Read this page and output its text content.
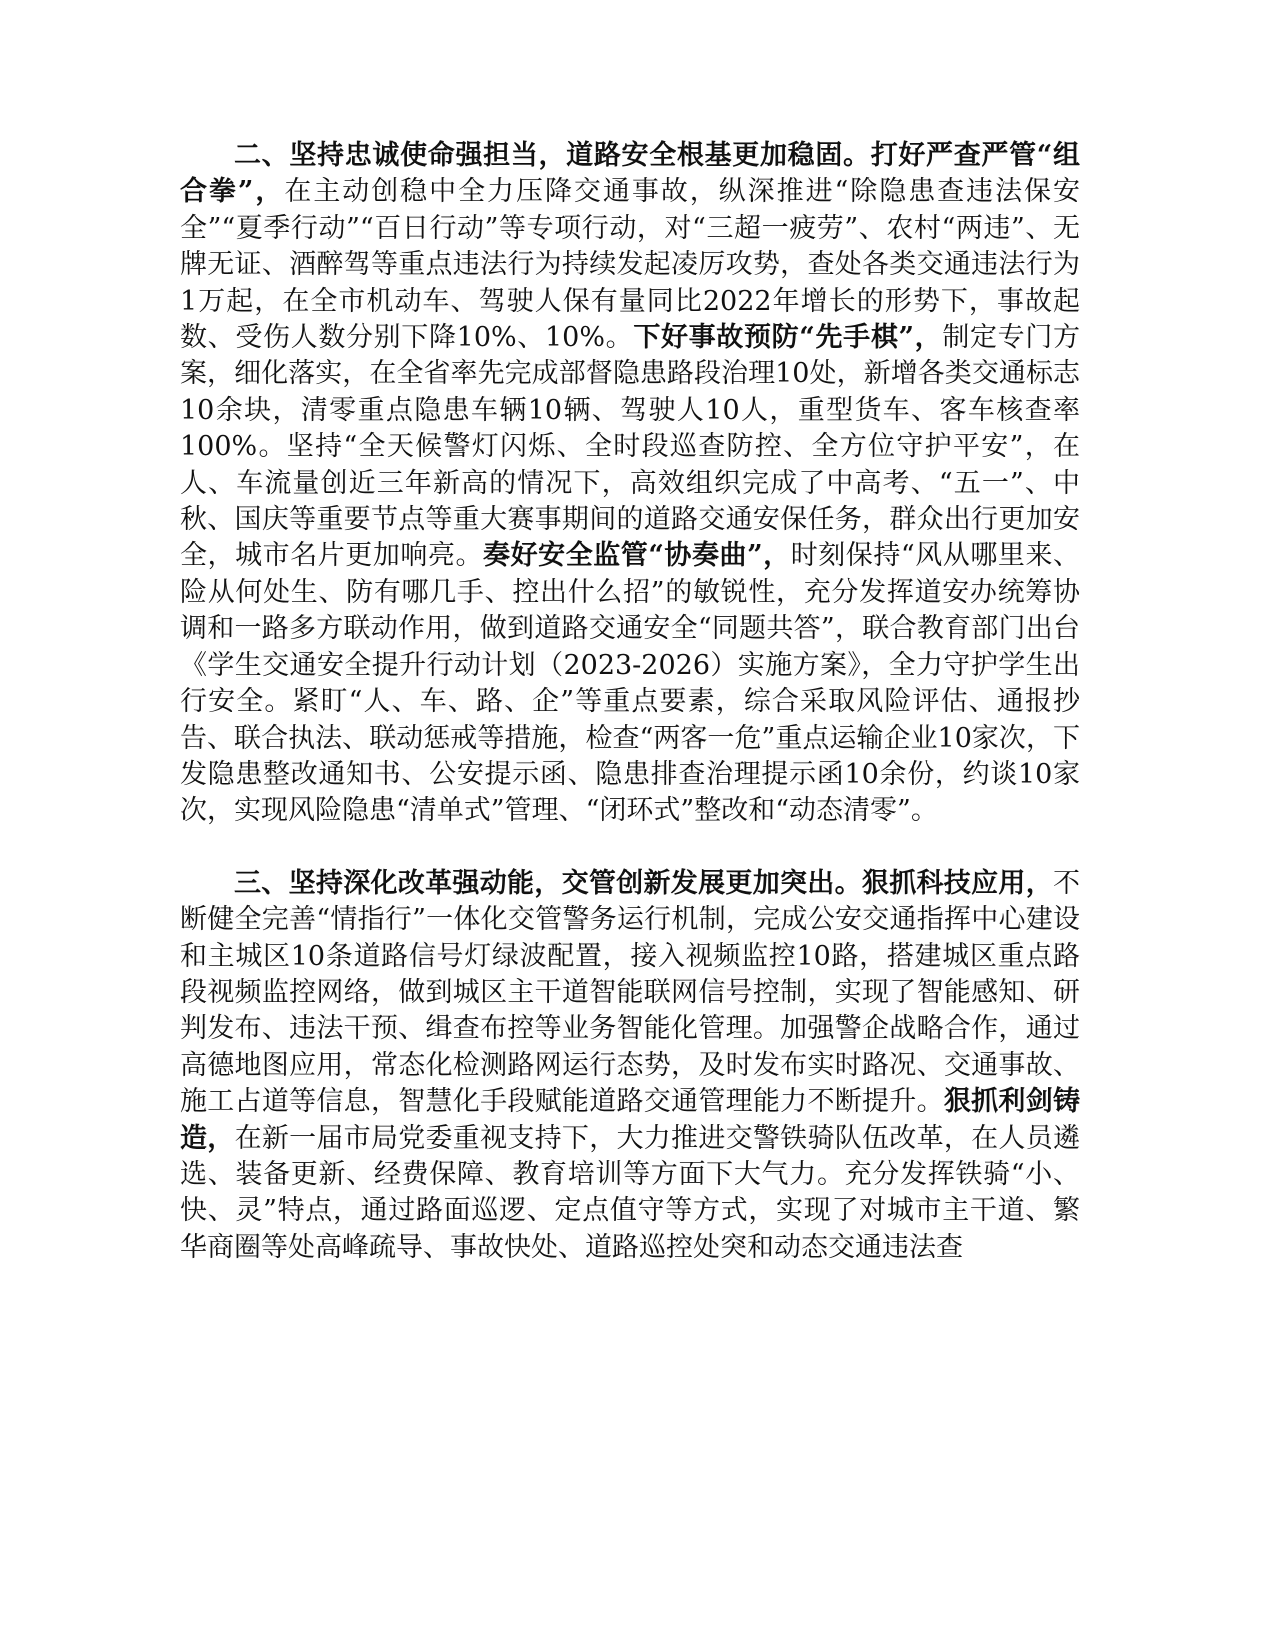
二、坚持忠诚使命强担当，道路安全根基更加稳固。打好严查严管“组合拳”，在主动创稳中全力压降交通事故，纵深推进“除隐患查违法保安全”“夏季行动”“百日行动”等专项行动，对“三超一疲劳”、农村“两违”、无牌无证、酒醉驾等重点违法行为持续发起凌厉攻势，查处各类交通违法行为1万起，在全市机动车、驾驶人保有量同比2022年增长的形势下，事故起数、受伤人数分别下降10%、10%。下好事故预防“先手棋”，制定专门方案，细化落实，在全省率先完成部督隐患路段治理10处，新增各类交通标志10余块，清零重点隐患车辆10辆、驾驶人10人，重型货车、客车核查率100%。坚持“全天候警灯闪烁、全时段巡查防控、全方位守护平安”，在人、车流量创近三年新高的情况下，高效组织完成了中高考、“五一”、中秋、国庆等重要节点等重大赛事期间的道路交通安保任务，群众出行更加安全，城市名片更加响亮。奏好安全监管“协奏曲”，时刻保持“风从哪里来、险从何处生、防有哪几手、控出什么招”的敏锐性，充分发挥道安办统筹协调和一路多方联动作用，做到道路交通安全“同题共答”，联合教育部门出台《学生交通安全提升行动计划（2023-2026）实施方案》，全力守护学生出行安全。紧盯“人、车、路、企”等重点要素，综合采取风险评估、通报抄告、联合执法、联动惩戒等措施，检查“两客一危”重点运输企业10家次，下发隐患整改通知书、公安提示函、隐患排查治理提示函10余份，约谈10家次，实现风险隐患“清单式”管理、“闭环式”整改和“动态清零”。

三、坚持深化改革强动能，交管创新发展更加突出。狠抓科技应用，不断健全完善“情指行”一体化交管警务运行机制，完成公安交通指挥中心建设和主城区10条道路信号灯绿波配置，接入视频监控10路，搭建城区重点路段视频监控网络，做到城区主干道智能联网信号控制，实现了智能感知、研判发布、违法干预、缉查布控等业务智能化管理。加强警企战略合作，通过高德地图应用，常态化检测路网运行态势，及时发布实时路况、交通事故、施工占道等信息，智慧化手段赋能道路交通管理能力不断提升。狠抓利剑铸造，在新一届市局党委重视支持下，大力推进交警铁骑队伍改革，在人员遴选、装备更新、经费保障、教育培训等方面下大气力。充分发挥铁骑“小、快、灵”特点，通过路面巡逻、定点值守等方式，实现了对城市主干道、繁华商圈等处高峰疏导、事故快处、道路巡控处突和动态交通违法查
